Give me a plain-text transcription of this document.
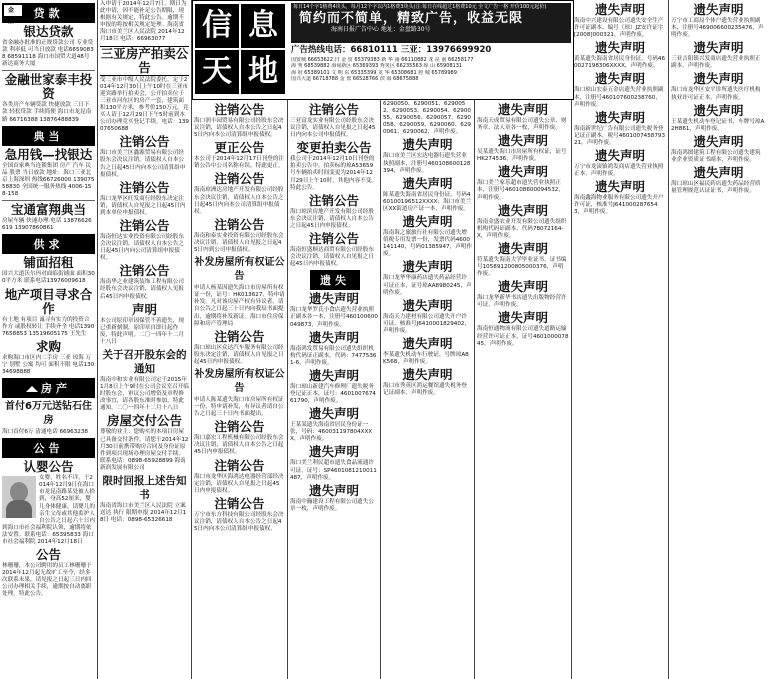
金融
贷款
银达贷款
省金融办批准的正规贷款公司 专业贷款 利率低 可当日放款 电话66590838 68591118 海口市国贸大道48号新达商务大厦
金融世家泰丰投资
各类房产车辆贷款 快捷放款 三日下款 轻松贷款 手续简便 海口市龙昆南路 66716388 13876488839
典当
急用钱—找银达
全国首家典当连锁集团 房产 汽车 民品 股票 当日放款 地址：海口三亚北京上海深圳 热线66726000 13907558830 全国统一服务热线 4006-158-158
宝通富翔典当
房屋车辆 快速办理 电话 13876626619 13907860861
供求
铺面招租
国兴大道沃尔玛对面临街铺面 面积300平方米 联系电话13976009618
地产项目寻求合作
有土地 有项目 诚寻有实力的投资合作方 或股权转让 手续齐全 电话13907658853 13519605175 王先生
求购
求购海口市区内二手房 三亚 琼海 万宁 别墅 公寓 均可 面积不限 电话13034698888
房产
首付6万元送钻石住房
海口首付6万 清通电话 66963238
公告
认婴公告
女婴，姓名不详，于2014年12月9日在海口市龙昆南路某处被人拾到，身高52厘米，婴儿身体健康，请婴儿的亲生父母或其他监护人自公告之日起六十日内到海口市社会福利院认领，逾期将依法安置。联系电话：65395833 海口市社会福利院 2014年12月18日
公告
林珊珊，本公司聘用的员工林珊珊于2014年12月起无故旷工至今，经多次联系未果，请见报之日起三日内回公司办理相关手续，逾期按自动离职处理。特此公告。
入申请于2014年12月7日，期日为此申请，因不能补足公告期限，现根据有关规定，特此公告。逾期不申报的将按相关规定处理。海南省海口市美兰区人民法院 2014年12月18日 电话：66963077
三亚房产拍卖公告
受三亚市中级人民法院委托，定于2014年12月30日上午10时在三亚市迎宾路举行拍卖会，公开拍卖位于三亚市河东区的房产一套，建筑面积130平方米，参考价150万元。竞买人请于12月29日下午5时前到本公司办理竞买登记手续。电话：13907650688
注销公告
海口市美兰区鑫源贸易有限公司经股东会决议注销，请债权人自本公告之日起45日内向本公司清算组申报债权。
注销公告
海口龙华区旺发商行经股东决定注销，请债权人自见报之日起45日内到本单位申报债权。
注销公告
海南恒达实业投资有限公司经股东会决议注销，请债权人自本公告之日起45日内向公司清算组申报债权。
注销公告
海南华之业建筑装饰工程有限公司经股东会决议注销，请债权人见报后45日内申报债权。
声明
本公司原印章因保管不善遗失，现已重新刻制，原印章自即日起作废，特此声明。二〇一四年十二月十八日
关于召开股东会的通知
海南中和实业有限公司定于2015年1月8日上午9时在公司会议室召开临时股东会，审议公司增资及章程修改事宜，请各股东准时参加。特此通知。二〇一四年十二月十八日
房屋交付公告
尊敬的业主：您购买的本项目房屋已具备交付条件，请您于2014年12月30日前携带购房合同及身份证原件到项目现场办理房屋交付手续。联系电话：0898-65928899 海南新润发展有限公司
限时回报上述告知书
海南省海口市美兰区人民法院 立案 送达 执行 限期申报 2014年12月18日 电话：0898-65326618
注销公告
海口润丰园贸易有限公司经股东会决议注销，请债权人自本公告之日起45日内向本公司清算组申报债权。
更正公告
本公司于2014年12月17日刊登的注销公告中公司名称有误，特此更正。
注销公告
海南琼洲达房地产开发有限公司经股东会决议注销，请债权人自本公告之日起45日内向本公司清算组申报债权。
注销公告
海南和泰实业投资有限公司经股东会决议注销，请债权人自见报之日起45日内到公司申报债权。
补发房屋所有权证公告
申请人杨某因遗失海口市房屋所有权证一份，证号：HK013627，特申请补发。凡对该房屋产权有异议者，请自公告之日起三十日内向我局书面提出，逾期将补发新证。海口市住房保障和房产管理局
注销公告
海口琼山区众达汽车服务有限公司经股东决定注销，请债权人自见报之日起45日内申报债权。
补发房屋所有权证公告
申请人陈某遗失海口市房屋所有权证一份，特申请补发，有异议者请自公告之日起三十日内书面提出。
注销公告
海口嘉宏工程机械有限公司经股东会决议注销，请债权人自本公告之日起45日内申报债权。
注销公告
海口市龙华区海鸿达电器经营部经决定注销，请债权人自见报之日起45日内申报债权。
注销公告
万宁市东方科技有限公司经股东会决议注销，请债权人自本公告之日起45日内向本公司清算组申报债权。
注销公告
三亚富龙实业有限公司经股东会决议注销，请债权人自见报之日起45日内向本公司申报债权。
变更拍卖公告
我公司于2014年12月10日刊登的拍卖公告中，拍卖标的琼A53659号车辆拍卖时间变更为2014年12月29日上午10时，其他内容不变。特此公告。
注销公告
海口琼滨房地产开发有限公司经股东会决议注销，请债权人自本公告之日起45日内申报债权。
注销公告
海南恒盛顺达商贸有限公司经股东会决议注销，请债权人自见报之日起45日内申报债权。
遗失
遗失声明
海口龙华罗氏小食店遗失营业执照正副本各一本，注册号460100600049873，声明作废。
遗失声明
海南鸿发贸易有限公司遗失组织机构代码证正副本，代码：74775361-6，声明作废。
遗失声明
海口琼山新建汽车修理厂遗失税务登记证正本，证号：460100767461790，声明作废。
遗失声明
王某某遗失海南省居民身份证一张，号码：460031197804XXXX，声明作废。
遗失声明
海口美兰利民超市遗失食品流通许可证，证号：SP4601081210011487，声明作废。
遗失声明
海南中瀚建设工程有限公司遗失公章一枚，声明作废。
6290050、6290051、6290052、6290053、6290054、6290055、6290056、6290057、6290058、6290059、6290060、6290061、6290062，声明作废。
遗失声明
海口市美兰区宏达电器行遗失营业执照副本，注册号460108600128394，声明作废。
遗失声明
陈某遗失海南省居民身份证，号码460100196512XXXX；海口市美兰区XX街道房产证一本，声明作废。
遗失声明
海南海之旅旅行社有限公司遗失增值税专用发票一份，发票代码4600141140，号码01385947，声明作废。
遗失声明
海口龙华华康药店遗失药品经营许可证正本，证号琼AA8980245，声明作废。
遗失声明
海南天力建材有限公司遗失开户许可证，核准号J6410001829402，声明作废。
遗失声明
李某遗失机动车行驶证，号牌琼A8K568，声明作废。
遗失声明
海口市秀英区鸿运餐馆遗失税务登记证副本，声明作废。
遗失声明
海南天成贸易有限公司遗失公章、财务章、法人章各一枚，声明作废。
遗失声明
吴某遗失海口市房屋所有权证，证号HK274536，声明作废。
遗失声明
海口美兰家乐超市遗失营业执照正本，注册号460108600094532，声明作废。
遗失声明
海南金盛农业开发有限公司遗失组织机构代码证副本，代码78072164-X，声明作废。
遗失声明
符某遗失海南大学毕业证书，证书编号105891200805000376，声明作废。
遗失声明
海口龙华新华书店遗失出版物经营许可证，声明作废。
遗失声明
海南恒通物流有限公司遗失道路运输经营许可证正本，证号460100007845，声明作废。
遗失声明
海南中兴建设有限公司遗失安全生产许可证副本，编号（琼）JZ安许证字[2008]000321，声明作废。
遗失声明
黄某遗失海南省居民身份证，号码460027198306XXXX，声明作废。
遗失声明
海口琼山宏泰五金店遗失营业执照副本，注册号460107600238760，声明作废。
遗失声明
海南新世纪广告有限公司遗失税务登记证正副本，税号460100745879321，声明作废。
遗失声明
万宁市龙滚镇鸿发商店遗失营业执照正本，声明作废。
遗失声明
海南鑫海物业服务有限公司遗失开户许可证，核准号J6410002876543，声明作废。
遗失声明
万宁市工商局个体户遗失营业执照副本，注册号469006600235476，声明作废。
遗失声明
三亚吉阳镇兴发商店遗失营业执照正副本，声明作废。
遗失声明
海口市龙华区安平诊所遗失医疗机构执业许可证正本，声明作废。
遗失声明
王某遗失机动车登记证书，车牌号琼A2H861，声明作废。
遗失声明
海南鸿图建筑工程有限公司遗失建筑业企业资质证书副本，声明作废。
遗失声明
海口琼山区福民药店遗失药品经营质量管理规范认证证书，声明作废。
信 息
天 地
每日14个字1格费4块头，每月12个字以内1格费3块头(注:每日在线超过1格费10元 全文广告一格 开价100元起价)
简约而不简单，精致广告，收益无限
海南日报广告中心 地址：金盘路30号
广告热线电话：66810111 三亚：13976699920
国贸城 66653622 日 金 贸 65379383 新 华 南 66110882 龙 昆 南 66258177
海 秀 68539882 海甸新区 65369393 秀英区 66235563 琼 山 65908131
海 府 65389101 文 明 东 65335399 龙 华 65308681 府 城 65789989
国兴大道 66718788 金 盘 66528766 滨 海 68675888
